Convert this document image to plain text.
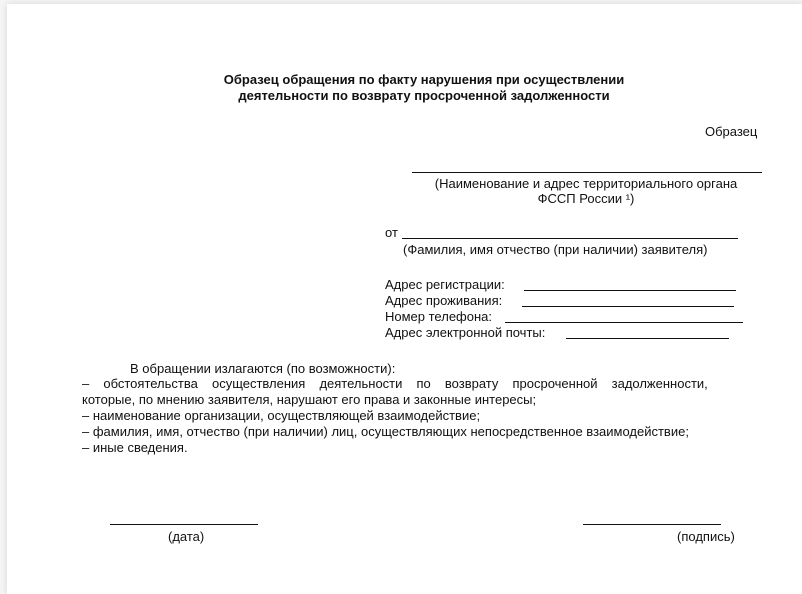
Образец обращения по факту нарушения при осуществлении
деятельности по возврату просроченной задолженности
Образец
(Наименование и адрес территориального органа
ФССП России ¹)
от
(Фамилия, имя отчество (при наличии) заявителя)
Адрес регистрации:
Адрес проживания:
Номер телефона:
Адрес электронной почты:
В обращении излагаются (по возможности):
– обстоятельства осуществления деятельности по возврату просроченной задолженности,
которые, по мнению заявителя, нарушают его права и законные интересы;
– наименование организации, осуществляющей взаимодействие;
– фамилия, имя, отчество (при наличии) лиц, осуществляющих непосредственное взаимодействие;
– иные сведения.
(дата)	(подпись)
